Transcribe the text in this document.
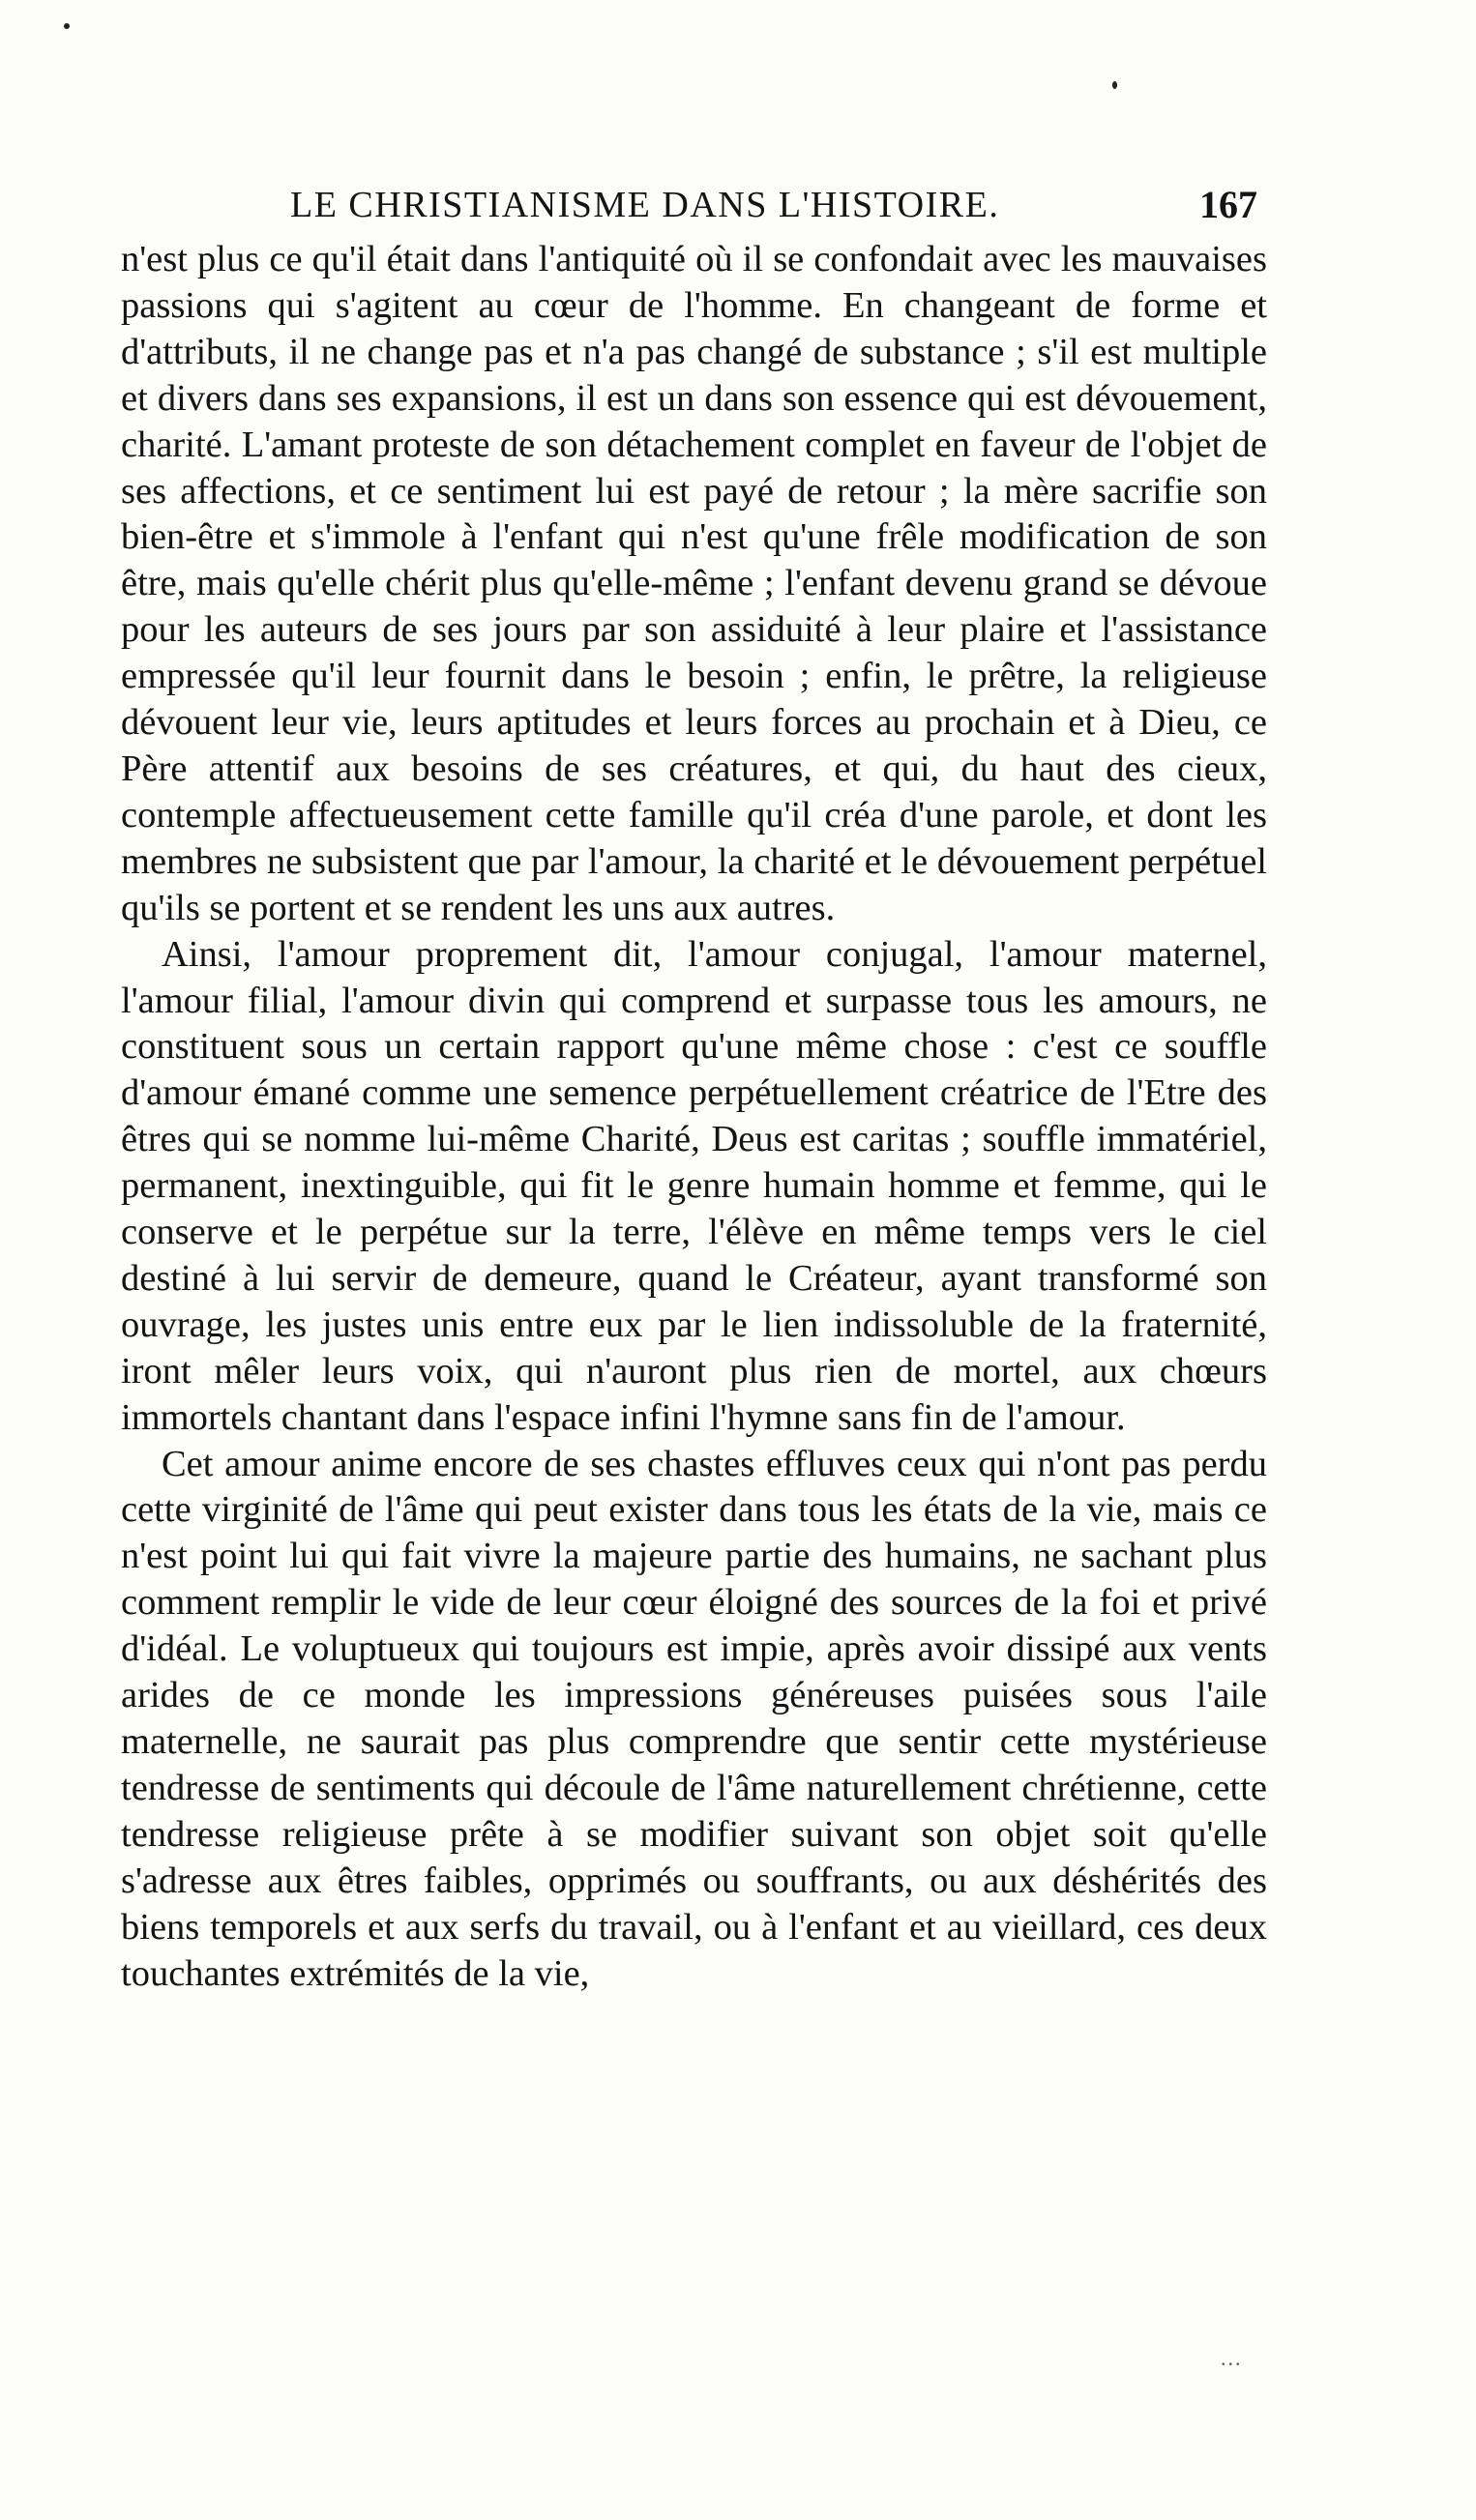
LE CHRISTIANISME DANS L'HISTOIRE.	167

n'est plus ce qu'il était dans l'antiquité où il se confondait avec les mauvaises passions qui s'agitent au cœur de l'homme. En changeant de forme et d'attributs, il ne change pas et n'a pas changé de substance ; s'il est multiple et divers dans ses expansions, il est un dans son essence qui est dévouement, charité. L'amant proteste de son détachement complet en faveur de l'objet de ses affections, et ce sentiment lui est payé de retour ; la mère sacrifie son bien-être et s'immole à l'enfant qui n'est qu'une frêle modification de son être, mais qu'elle chérit plus qu'elle-même ; l'enfant devenu grand se dévoue pour les auteurs de ses jours par son assiduité à leur plaire et l'assistance empressée qu'il leur fournit dans le besoin ; enfin, le prêtre, la religieuse dévouent leur vie, leurs aptitudes et leurs forces au prochain et à Dieu, ce Père attentif aux besoins de ses créatures, et qui, du haut des cieux, contemple affectueusement cette famille qu'il créa d'une parole, et dont les membres ne subsistent que par l'amour, la charité et le dévouement perpétuel qu'ils se portent et se rendent les uns aux autres.

Ainsi, l'amour proprement dit, l'amour conjugal, l'amour maternel, l'amour filial, l'amour divin qui comprend et surpasse tous les amours, ne constituent sous un certain rapport qu'une même chose : c'est ce souffle d'amour émané comme une semence perpétuellement créatrice de l'Etre des êtres qui se nomme lui-même Charité, Deus est caritas ; souffle immatériel, permanent, inextinguible, qui fit le genre humain homme et femme, qui le conserve et le perpétue sur la terre, l'élève en même temps vers le ciel destiné à lui servir de demeure, quand le Créateur, ayant transformé son ouvrage, les justes unis entre eux par le lien indissoluble de la fraternité, iront mêler leurs voix, qui n'auront plus rien de mortel, aux chœurs immortels chantant dans l'espace infini l'hymne sans fin de l'amour.

Cet amour anime encore de ses chastes effluves ceux qui n'ont pas perdu cette virginité de l'âme qui peut exister dans tous les états de la vie, mais ce n'est point lui qui fait vivre la majeure partie des humains, ne sachant plus comment remplir le vide de leur cœur éloigné des sources de la foi et privé d'idéal. Le voluptueux qui toujours est impie, après avoir dissipé aux vents arides de ce monde les impressions généreuses puisées sous l'aile maternelle, ne saurait pas plus comprendre que sentir cette mystérieuse tendresse de sentiments qui découle de l'âme naturellement chrétienne, cette tendresse religieuse prête à se modifier suivant son objet soit qu'elle s'adresse aux êtres faibles, opprimés ou souffrants, ou aux déshérités des biens temporels et aux serfs du travail, ou à l'enfant et au vieillard, ces deux touchantes extrémités de la vie,

...
